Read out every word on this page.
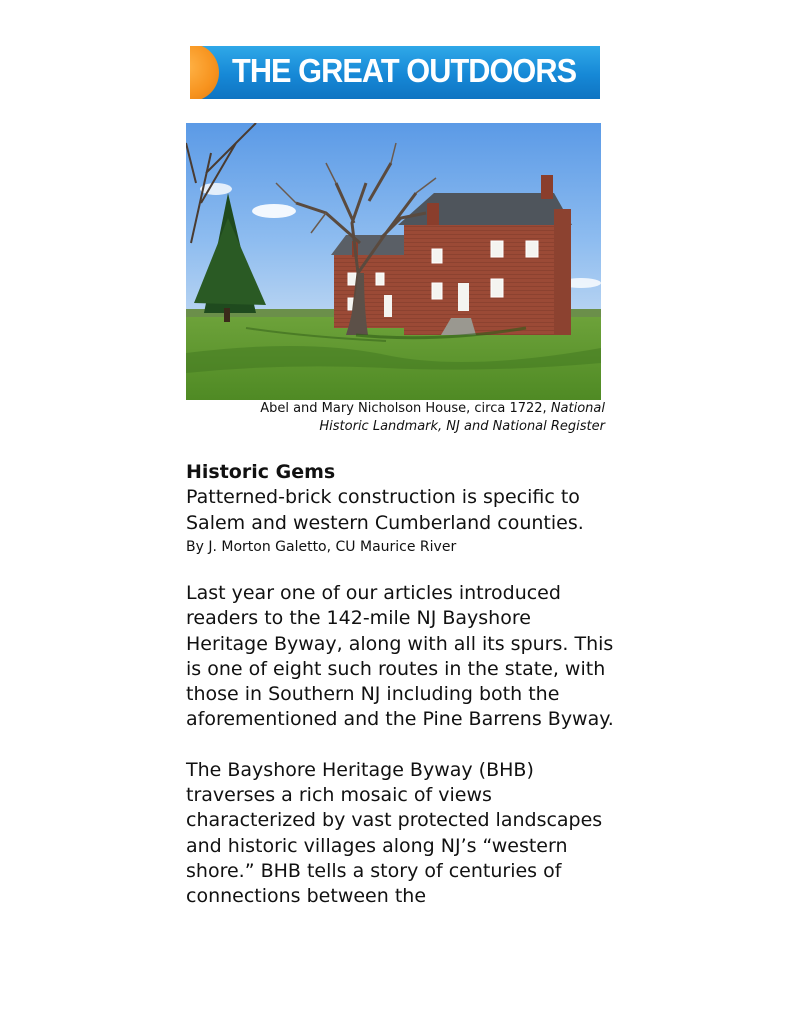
THE GREAT OUTDOORS
Abel and Mary Nicholson House, circa 1722, National
Historic Landmark, NJ and National Register

Historic Gems

Patterned-brick construction is specific to Salem and western Cumberland counties.

By J. Morton Galetto, CU Maurice River

Last year one of our articles introduced readers to the 142-mile NJ Bayshore Heritage Byway, along with all its spurs. This is one of eight such routes in the state, with those in Southern NJ including both the aforementioned and the Pine Barrens Byway.

The Bayshore Heritage Byway (BHB) traverses a rich mosaic of views characterized by vast protected landscapes and historic villages along NJ’s “western shore.” BHB tells a story of centuries of connections between the
